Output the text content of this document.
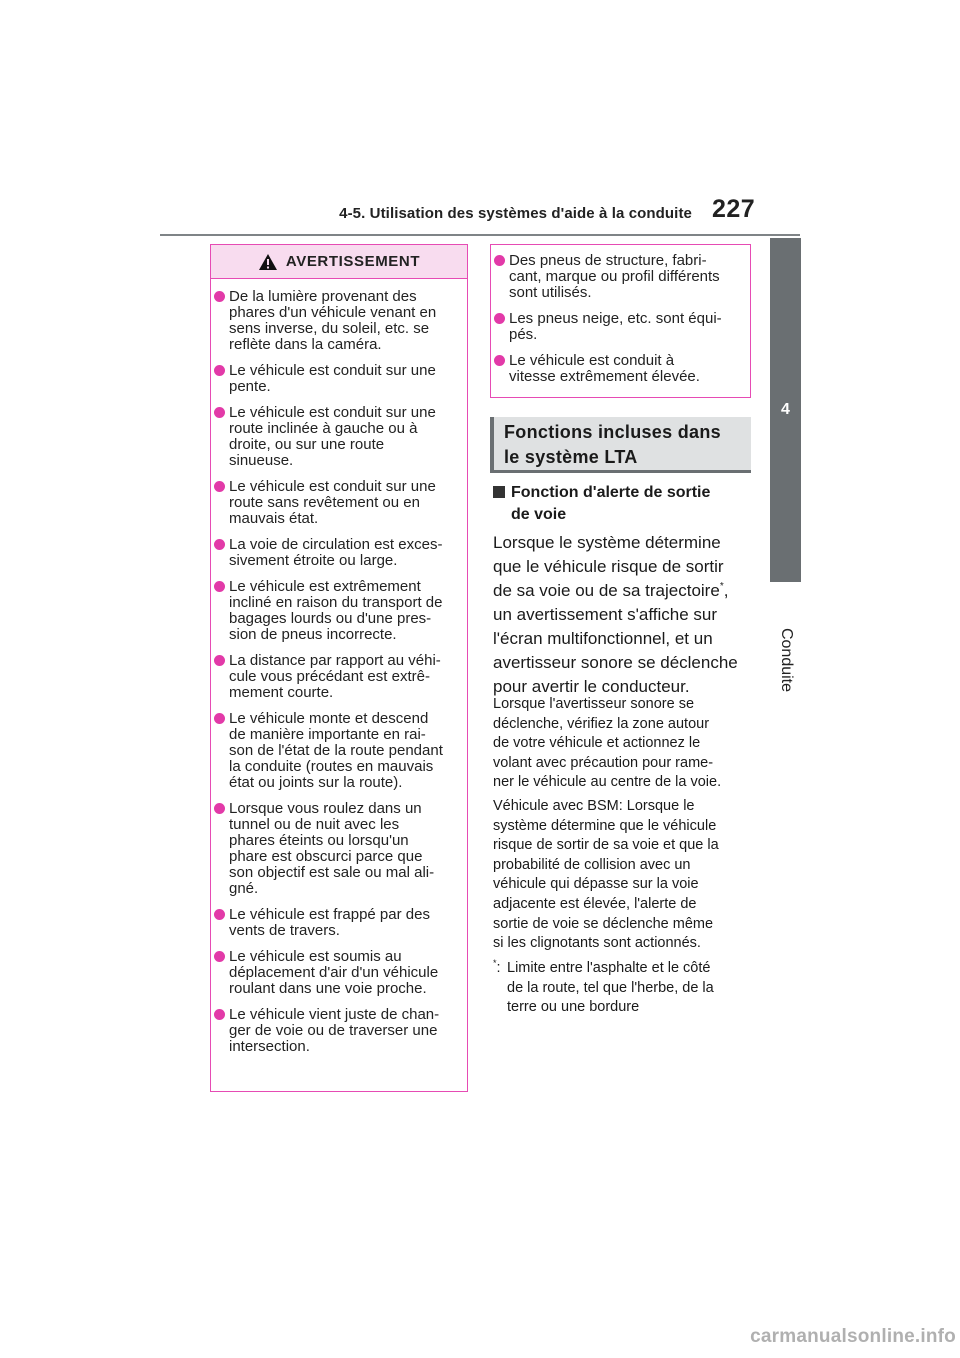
4-5. Utilisation des systèmes d'aide à la conduite 227
4
Conduite
AVERTISSEMENT
De la lumière provenant des
phares d'un véhicule venant en
sens inverse, du soleil, etc. se
reflète dans la caméra.
Le véhicule est conduit sur une
pente.
Le véhicule est conduit sur une
route inclinée à gauche ou à
droite, ou sur une route
sinueuse.
Le véhicule est conduit sur une
route sans revêtement ou en
mauvais état.
La voie de circulation est exces-
sivement étroite ou large.
Le véhicule est extrêmement
incliné en raison du transport de
bagages lourds ou d'une pres-
sion de pneus incorrecte.
La distance par rapport au véhi-
cule vous précédant est extrê-
mement courte.
Le véhicule monte et descend
de manière importante en rai-
son de l'état de la route pendant
la conduite (routes en mauvais
état ou joints sur la route).
Lorsque vous roulez dans un
tunnel ou de nuit avec les
phares éteints ou lorsqu'un
phare est obscurci parce que
son objectif est sale ou mal ali-
gné.
Le véhicule est frappé par des
vents de travers.
Le véhicule est soumis au
déplacement d'air d'un véhicule
roulant dans une voie proche.
Le véhicule vient juste de chan-
ger de voie ou de traverser une
intersection.
Des pneus de structure, fabri-
cant, marque ou profil différents
sont utilisés.
Les pneus neige, etc. sont équi-
pés.
Le véhicule est conduit à
vitesse extrêmement élevée.
Fonctions incluses dans
le système LTA
Fonction d'alerte de sortie
de voie
Lorsque le système détermine
que le véhicule risque de sortir
de sa voie ou de sa trajectoire*,
un avertissement s'affiche sur
l'écran multifonctionnel, et un
avertisseur sonore se déclenche
pour avertir le conducteur.
Lorsque l'avertisseur sonore se
déclenche, vérifiez la zone autour
de votre véhicule et actionnez le
volant avec précaution pour rame-
ner le véhicule au centre de la voie.
Véhicule avec BSM: Lorsque le
système détermine que le véhicule
risque de sortir de sa voie et que la
probabilité de collision avec un
véhicule qui dépasse sur la voie
adjacente est élevée, l'alerte de
sortie de voie se déclenche même
si les clignotants sont actionnés.
*: Limite entre l'asphalte et le côté
de la route, tel que l'herbe, de la
terre ou une bordure
carmanualsonline.info
